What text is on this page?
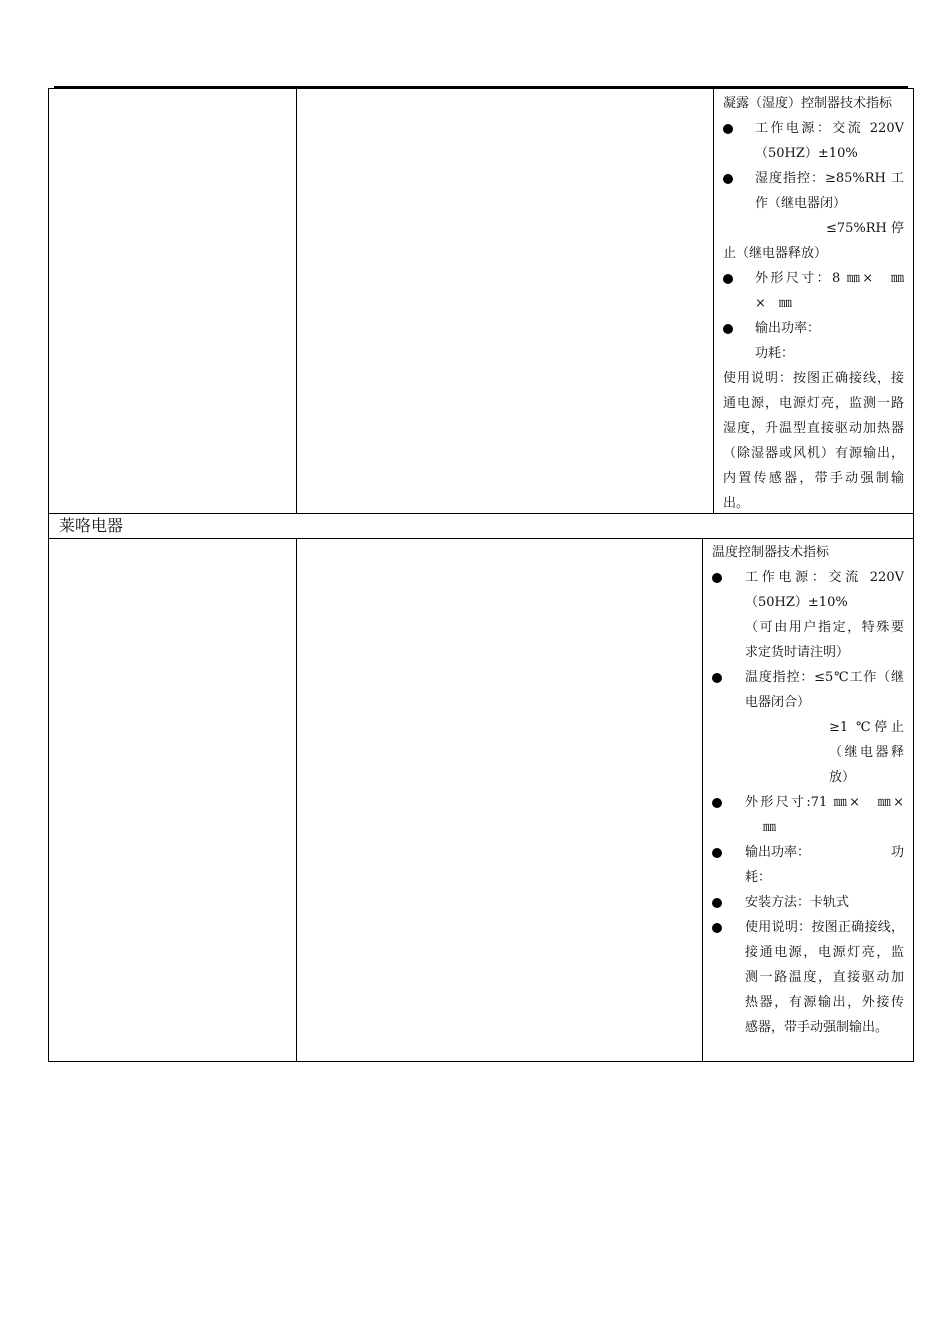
凝露（湿度）控制器技术指标
工作电源：交流 220V
（50HZ）±10%
湿度指控：≥85%RH 工
作（继电器闭）
≤75%RH 停
止（继电器释放）
外形尺寸：8 ㎜×　㎜
×　㎜
输出功率：
功耗：
使用说明：按图正确接线，接
通电源，电源灯亮，监测一路
湿度，升温型直接驱动加热器
（除湿器或风机）有源输出，
内置传感器，带手动强制输
出。
莱咯电器
温度控制器技术指标
工作电源：交流 220V
（50HZ）±10%
（可由用户指定，特殊要
求定货时请注明）
温度指控：≤5℃工作（继
电器闭合）
≥1 ℃停止
（继电器释
放）
外形尺寸:71 ㎜×　㎜×
㎜
输出功率：	功
耗：
安装方法：卡轨式
使用说明：按图正确接线，
接通电源，电源灯亮，监
测一路温度，直接驱动加
热器，有源输出，外接传
感器，带手动强制输出。
